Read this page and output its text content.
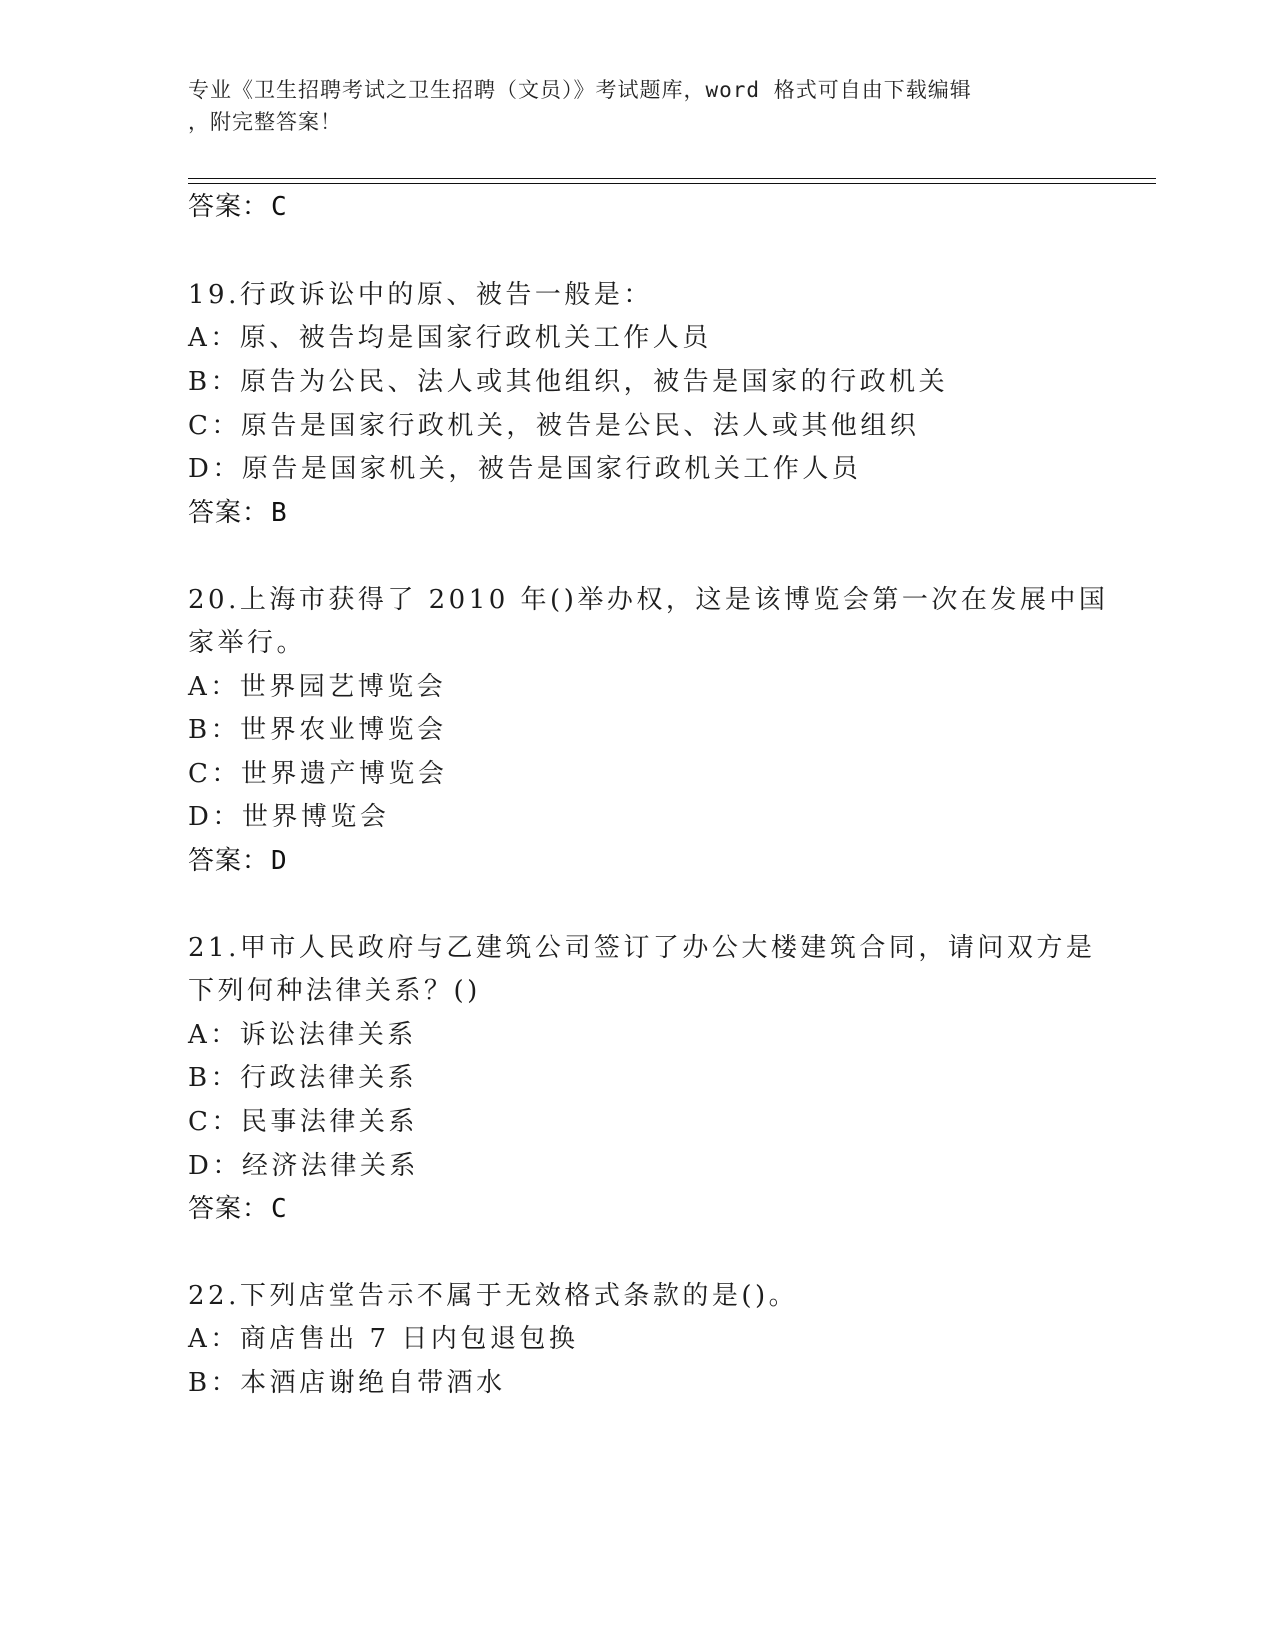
专业《卫生招聘考试之卫生招聘（文员）》考试题库，word 格式可自由下载编辑
，附完整答案！
答案：C
19.行政诉讼中的原、被告一般是：
A：原、被告均是国家行政机关工作人员
B：原告为公民、法人或其他组织，被告是国家的行政机关
C：原告是国家行政机关，被告是公民、法人或其他组织
D：原告是国家机关，被告是国家行政机关工作人员
答案：B
20.上海市获得了 2010 年()举办权，这是该博览会第一次在发展中国
家举行。
A：世界园艺博览会
B：世界农业博览会
C：世界遗产博览会
D：世界博览会
答案：D
21.甲市人民政府与乙建筑公司签订了办公大楼建筑合同，请问双方是
下列何种法律关系？()
A：诉讼法律关系
B：行政法律关系
C：民事法律关系
D：经济法律关系
答案：C
22.下列店堂告示不属于无效格式条款的是()。
A：商店售出 7 日内包退包换
B：本酒店谢绝自带酒水
